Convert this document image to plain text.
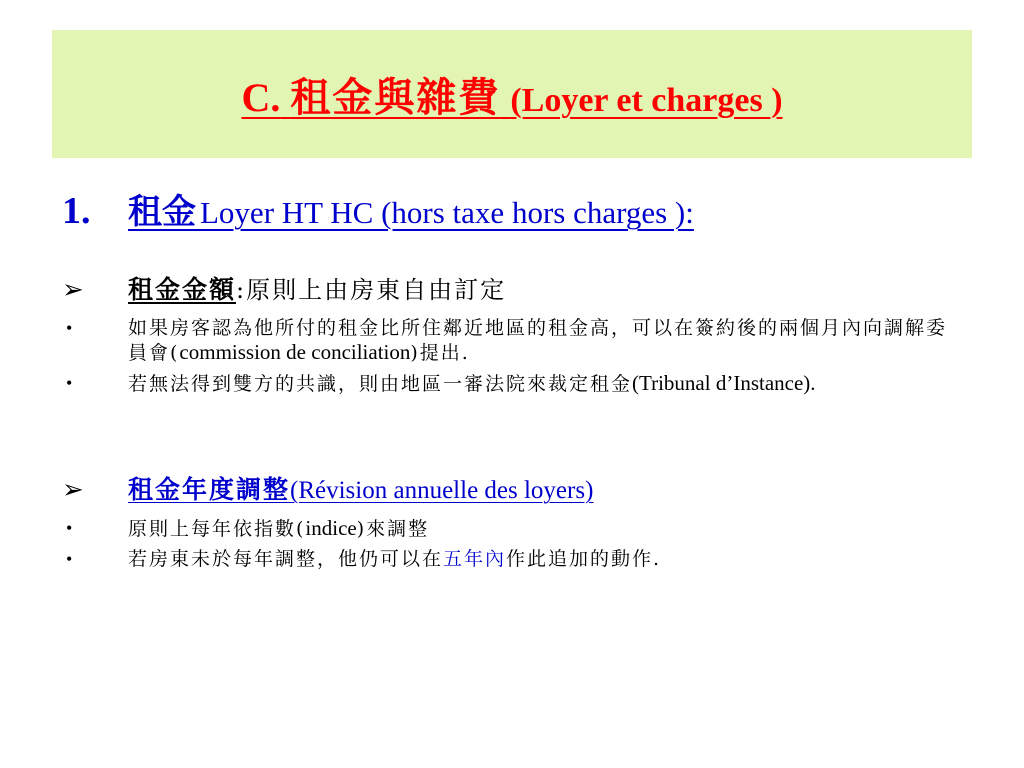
C. 租金與雜費 (Loyer et charges )
1.	租金 Loyer HT HC (hors taxe hors charges ):
➢	租金金額 :原則上由房東自由訂定
•	如果房客認為他所付的租金比所住鄰近地區的租金高，可以在簽約後的兩個月內向調解委員會(commission de conciliation)提出.
•	若無法得到雙方的共識，則由地區一審法院來裁定租金(Tribunal d’Instance).
➢	租金年度調整(Révision annuelle des loyers)
•	原則上每年依指數(indice)來調整
•	若房東未於每年調整，他仍可以在五年內作此追加的動作.
